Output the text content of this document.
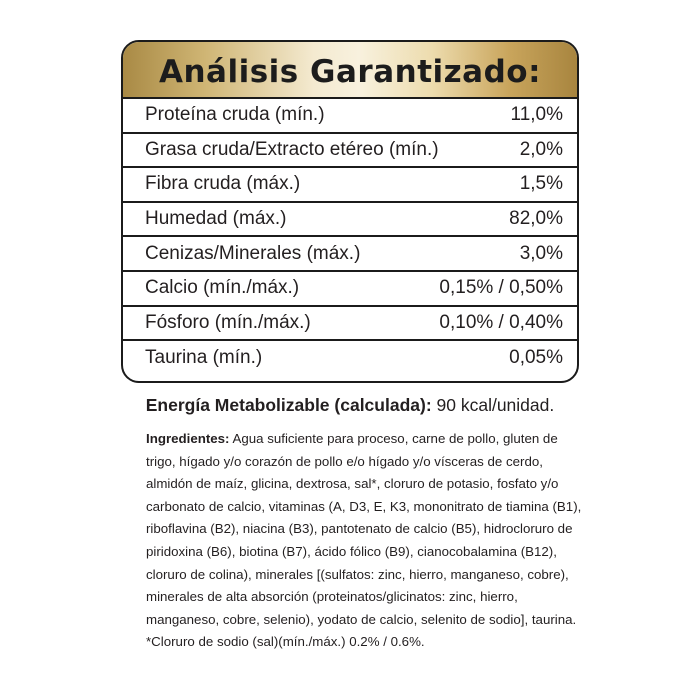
Análisis Garantizado:
Proteína cruda (mín.)	11,0%
Grasa cruda/Extracto etéreo (mín.)	2,0%
Fibra cruda (máx.)	1,5%
Humedad (máx.)	82,0%
Cenizas/Minerales (máx.)	3,0%
Calcio (mín./máx.)	0,15% / 0,50%
Fósforo (mín./máx.)	0,10% / 0,40%
Taurina (mín.)	0,05%
Energía Metabolizable (calculada): 90 kcal/unidad.
Ingredientes: Agua suficiente para proceso, carne de pollo, gluten de
trigo, hígado y/o corazón de pollo e/o hígado y/o vísceras de cerdo,
almidón de maíz, glicina, dextrosa, sal*, cloruro de potasio, fosfato y/o
carbonato de calcio, vitaminas (A, D3, E, K3, mononitrato de tiamina (B1),
riboflavina (B2), niacina (B3), pantotenato de calcio (B5), hidrocloruro de
piridoxina (B6), biotina (B7), ácido fólico (B9), cianocobalamina (B12),
cloruro de colina), minerales [(sulfatos: zinc, hierro, manganeso, cobre),
minerales de alta absorción (proteinatos/glicinatos: zinc, hierro,
manganeso, cobre, selenio), yodato de calcio, selenito de sodio], taurina.
*Cloruro de sodio (sal)(mín./máx.) 0.2% / 0.6%.
